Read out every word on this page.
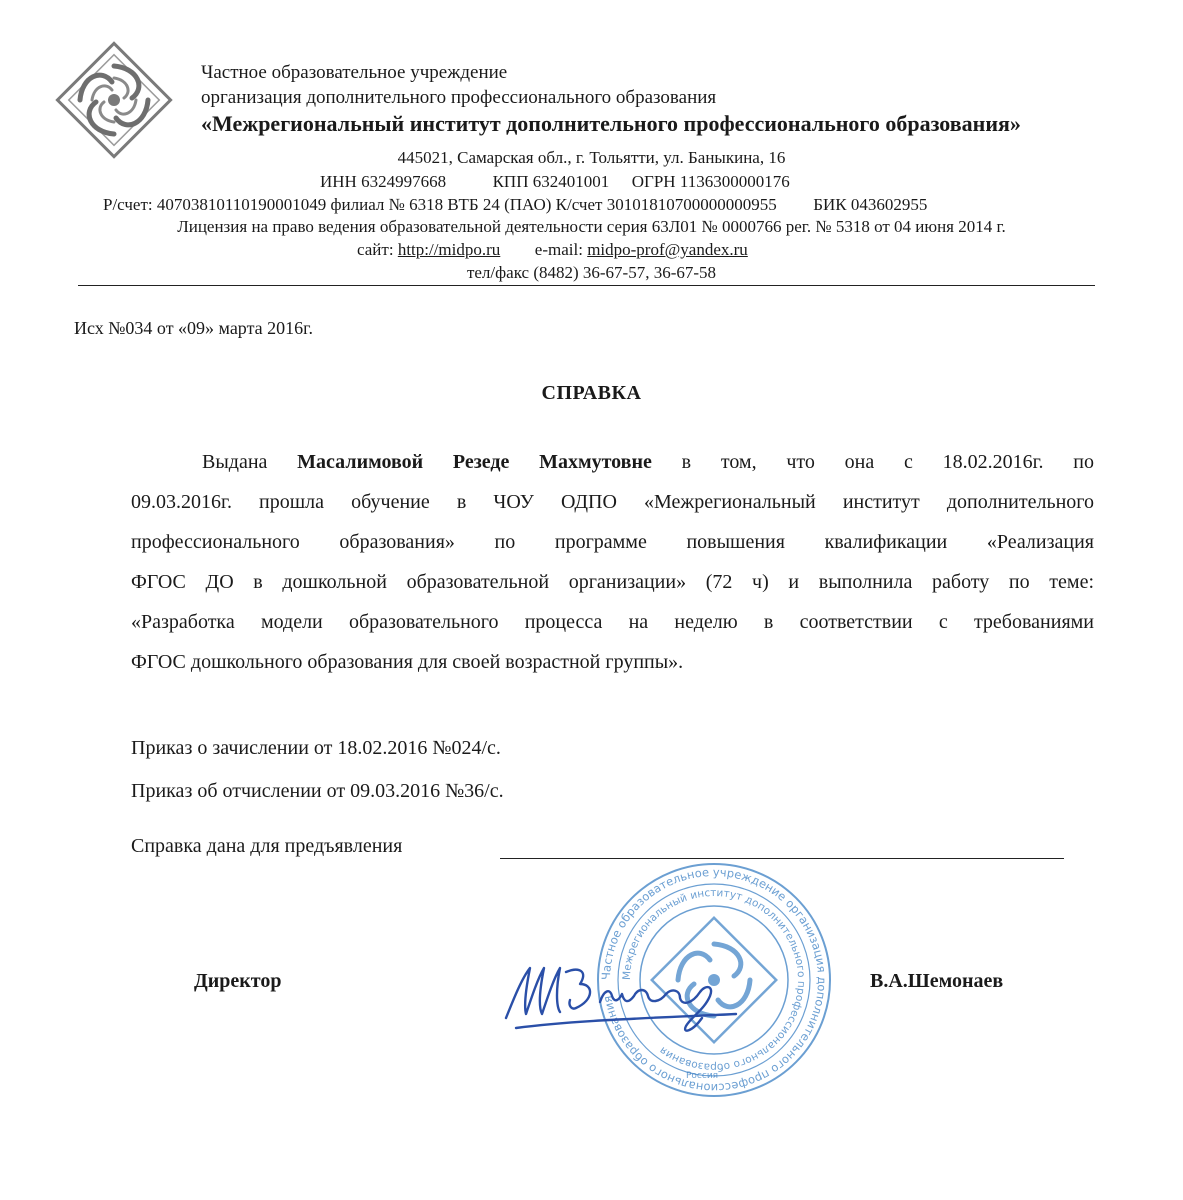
Частное образовательное учреждение
организация дополнительного профессионального образования
«Межрегиональный институт дополнительного профессионального образования»
445021, Самарская обл., г. Тольятти, ул. Баныкина, 16
ИНН 6324997668	КПП 632401001 ОГРН 1136300000176
Р/счет: 40703810110190001049 филиал № 6318 ВТБ 24 (ПАО) К/счет 30101810700000000955 БИК 043602955
Лицензия на право ведения образовательной деятельности серия 63Л01 № 0000766 рег. № 5318 от 04 июня 2014 г.
сайт: http://midpo.ru e-mail: midpo-prof@yandex.ru
тел/факс (8482) 36-67-57, 36-67-58
Исх №034 от «09» марта 2016г.
СПРАВКА
Выдана Масалимовой Резеде Махмутовне в том, что она с 18.02.2016г. по
09.03.2016г. прошла обучение в ЧОУ ОДПО «Межрегиональный институт дополнительного
профессионального образования» по программе повышения квалификации «Реализация
ФГОС ДО в дошкольной образовательной организации» (72 ч) и выполнила работу по теме:
«Разработка модели образовательного процесса на неделю в соответствии с требованиями
ФГОС дошкольного образования для своей возрастной группы».
Приказ о зачислении от 18.02.2016 №024/с.
Приказ об отчислении от 09.03.2016 №36/с.
Справка дана для предъявления
Частное образовательное учреждение организация дополнительного профессионального образования
Межрегиональный институт дополнительного профессионального образования
Россия
Директор	В.А.Шемонаев
